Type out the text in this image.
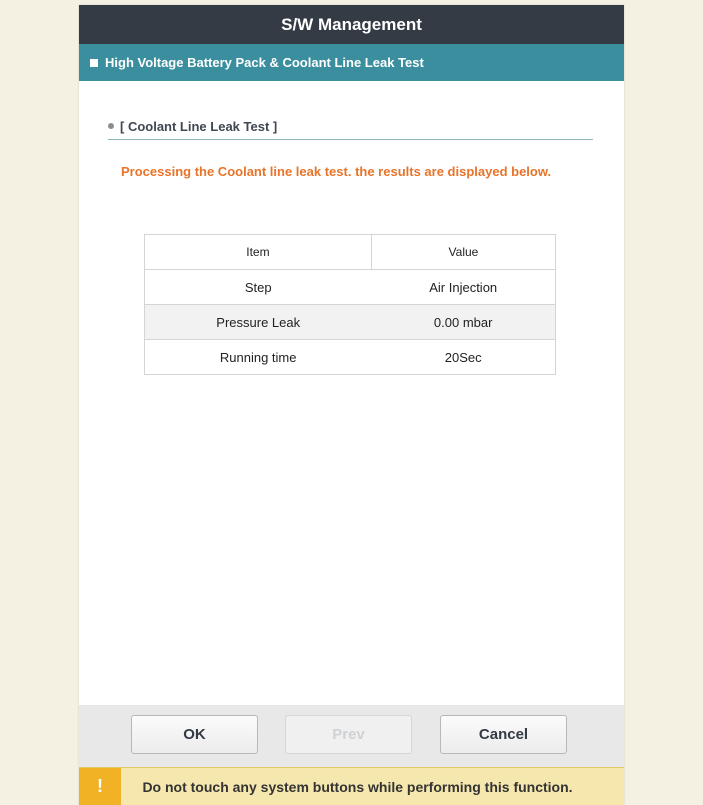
S/W Management
High Voltage Battery Pack & Coolant Line Leak Test
[ Coolant Line Leak Test ]
Processing the Coolant line leak test. the results are displayed below.
Item	Value
Step	Air Injection
Pressure Leak	0.00 mbar
Running time	20Sec
OK	Prev	Cancel
!	Do not touch any system buttons while performing this function.
